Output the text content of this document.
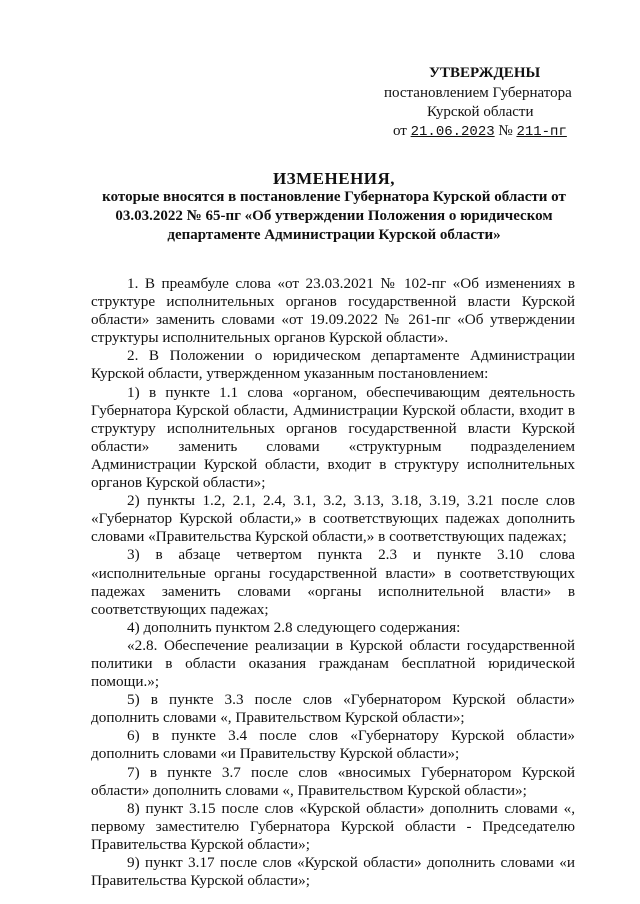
УТВЕРЖДЕНЫ
постановлением Губернатора
Курской области
от 21.06.2023 № 211-пг
ИЗМЕНЕНИЯ,
которые вносятся в постановление Губернатора Курской области от 03.03.2022 № 65-пг «Об утверждении Положения о юридическом департаменте Администрации Курской области»

1. В преамбуле слова «от 23.03.2021 № 102-пг «Об изменениях в структуре исполнительных органов государственной власти Курской области» заменить словами «от 19.09.2022 № 261-пг «Об утверждении структуры исполнительных органов Курской области».

2. В Положении о юридическом департаменте Администрации Курской области, утвержденном указанным постановлением:

1) в пункте 1.1 слова «органом, обеспечивающим деятельность Губернатора Курской области, Администрации Курской области, входит в структуру исполнительных органов государственной власти Курской области» заменить словами «структурным подразделением Администрации Курской области, входит в структуру исполнительных органов Курской области»;

2) пункты 1.2, 2.1, 2.4, 3.1, 3.2, 3.13, 3.18, 3.19, 3.21 после слов «Губернатор Курской области,» в соответствующих падежах дополнить словами «Правительства Курской области,» в соответствующих падежах;

3) в абзаце четвертом пункта 2.3 и пункте 3.10 слова «исполнительные органы государственной власти» в соответствующих падежах заменить словами «органы исполнительной власти» в соответствующих падежах;

4) дополнить пунктом 2.8 следующего содержания:

«2.8. Обеспечение реализации в Курской области государственной политики в области оказания гражданам бесплатной юридической помощи.»;

5) в пункте 3.3 после слов «Губернатором Курской области» дополнить словами «, Правительством Курской области»;

6) в пункте 3.4 после слов «Губернатору Курской области» дополнить словами «и Правительству Курской области»;

7) в пункте 3.7 после слов «вносимых Губернатором Курской области» дополнить словами «, Правительством Курской области»;

8) пункт 3.15 после слов «Курской области» дополнить словами «, первому заместителю Губернатора Курской области - Председателю Правительства Курской области»;

9) пункт 3.17 после слов «Курской области» дополнить словами «и Правительства Курской области»;
